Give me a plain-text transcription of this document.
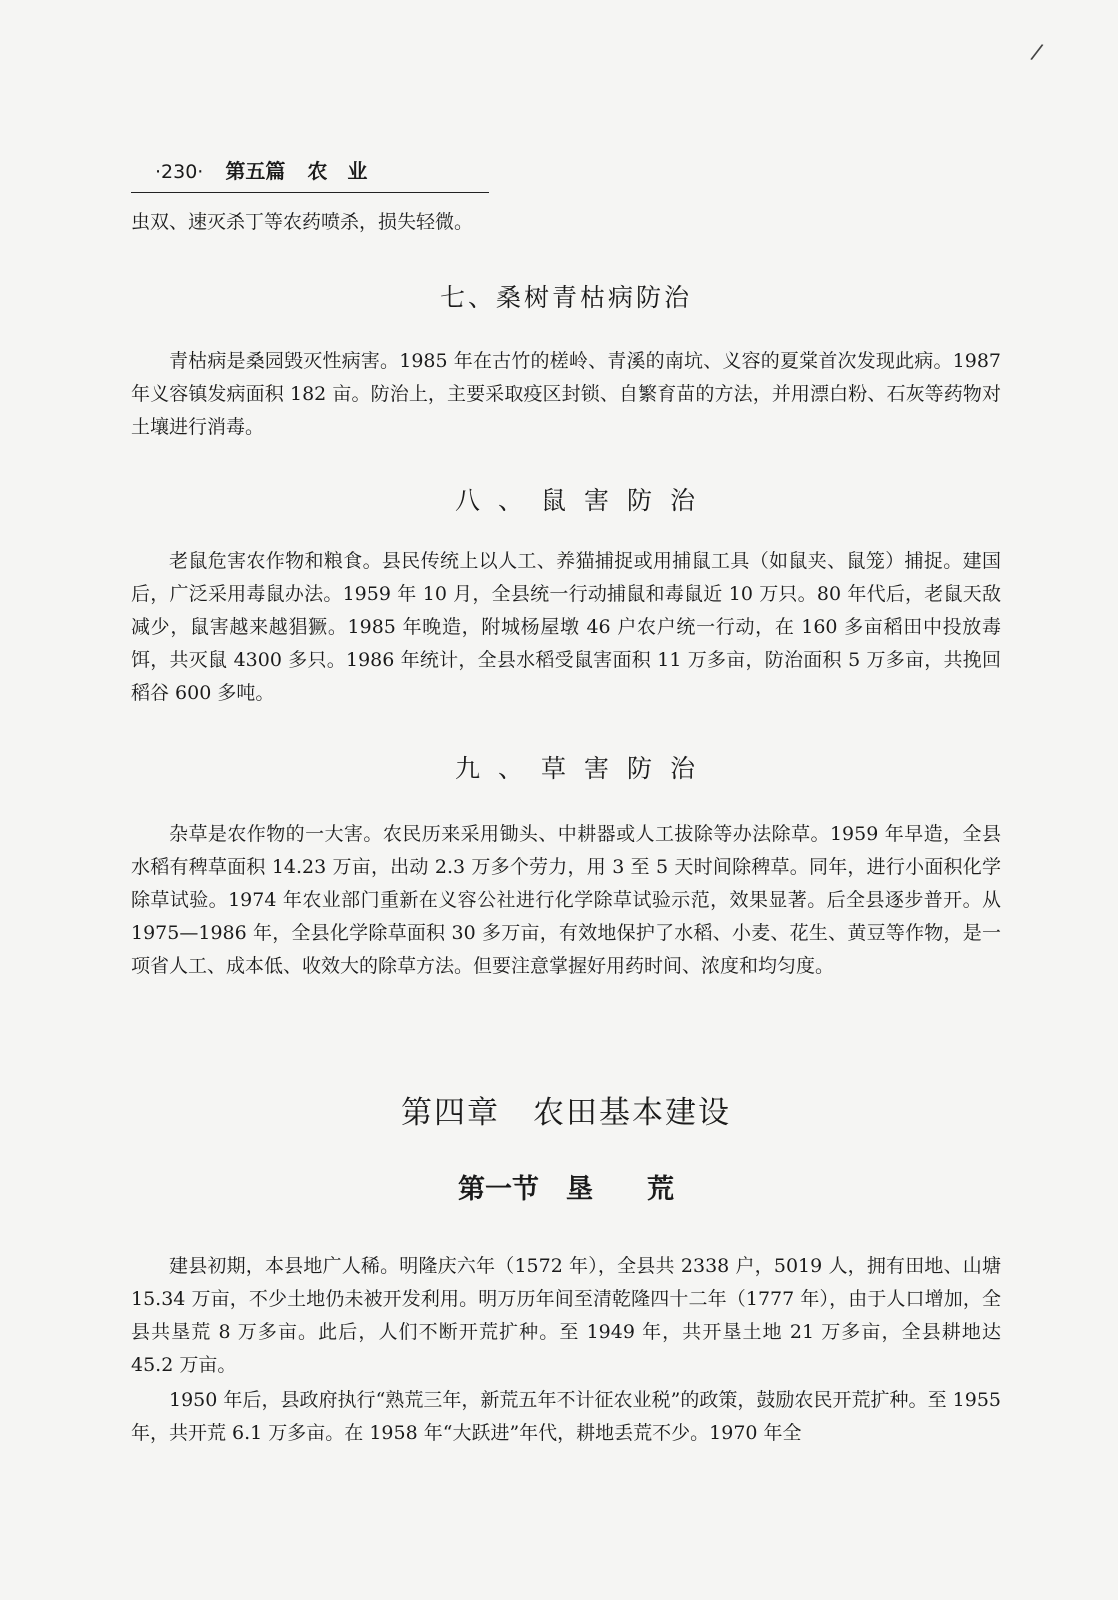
/
·230· 第五篇 农业

虫双、速灭杀丁等农药喷杀，损失轻微。

七、桑树青枯病防治

青枯病是桑园毁灭性病害。1985 年在古竹的槎岭、青溪的南坑、义容的夏棠首次发现此病。1987 年义容镇发病面积 182 亩。防治上，主要采取疫区封锁、自繁育苗的方法，并用漂白粉、石灰等药物对土壤进行消毒。

八、鼠害防治

老鼠危害农作物和粮食。县民传统上以人工、养猫捕捉或用捕鼠工具（如鼠夹、鼠笼）捕捉。建国后，广泛采用毒鼠办法。1959 年 10 月，全县统一行动捕鼠和毒鼠近 10 万只。80 年代后，老鼠天敌减少，鼠害越来越猖獗。1985 年晚造，附城杨屋墩 46 户农户统一行动，在 160 多亩稻田中投放毒饵，共灭鼠 4300 多只。1986 年统计，全县水稻受鼠害面积 11 万多亩，防治面积 5 万多亩，共挽回稻谷 600 多吨。

九、草害防治

杂草是农作物的一大害。农民历来采用锄头、中耕器或人工拔除等办法除草。1959 年早造，全县水稻有稗草面积 14.23 万亩，出动 2.3 万多个劳力，用 3 至 5 天时间除稗草。同年，进行小面积化学除草试验。1974 年农业部门重新在义容公社进行化学除草试验示范，效果显著。后全县逐步普开。从 1975—1986 年，全县化学除草面积 30 多万亩，有效地保护了水稻、小麦、花生、黄豆等作物，是一项省人工、成本低、收效大的除草方法。但要注意掌握好用药时间、浓度和均匀度。

第四章　农田基本建设
第一节　垦　　荒

建县初期，本县地广人稀。明隆庆六年（1572 年），全县共 2338 户，5019 人，拥有田地、山塘 15.34 万亩，不少土地仍未被开发利用。明万历年间至清乾隆四十二年（1777 年），由于人口增加，全县共垦荒 8 万多亩。此后，人们不断开荒扩种。至 1949 年，共开垦土地 21 万多亩，全县耕地达 45.2 万亩。

1950 年后，县政府执行“熟荒三年，新荒五年不计征农业税”的政策，鼓励农民开荒扩种。至 1955 年，共开荒 6.1 万多亩。在 1958 年“大跃进”年代，耕地丢荒不少。1970 年全
